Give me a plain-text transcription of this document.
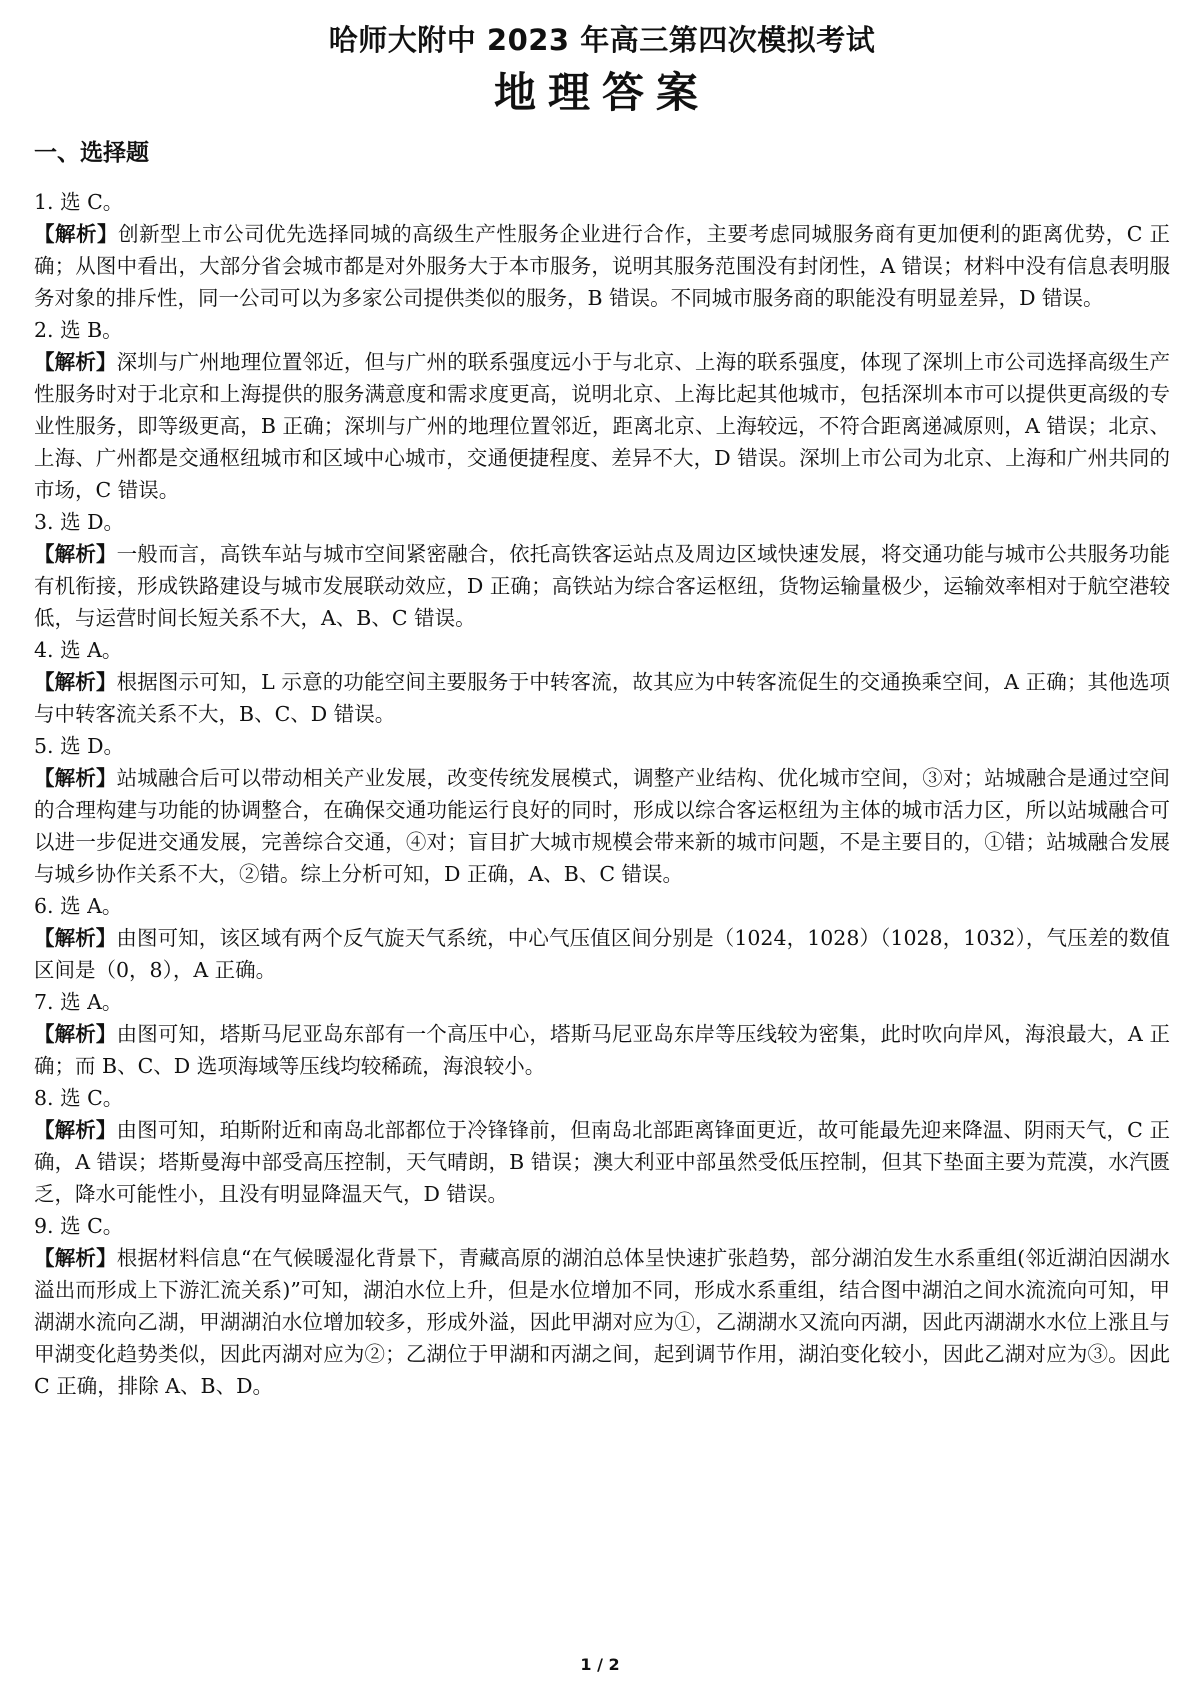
哈师大附中 2023 年高三第四次模拟考试
地理答案
一、选择题

1. 选 C。

【解析】创新型上市公司优先选择同城的高级生产性服务企业进行合作，主要考虑同城服务商有更加便利的距离优势，C 正确；从图中看出，大部分省会城市都是对外服务大于本市服务，说明其服务范围没有封闭性，A 错误；材料中没有信息表明服务对象的排斥性，同一公司可以为多家公司提供类似的服务，B 错误。不同城市服务商的职能没有明显差异，D 错误。

2. 选 B。

【解析】深圳与广州地理位置邻近，但与广州的联系强度远小于与北京、上海的联系强度，体现了深圳上市公司选择高级生产性服务时对于北京和上海提供的服务满意度和需求度更高，说明北京、上海比起其他城市，包括深圳本市可以提供更高级的专业性服务，即等级更高，B 正确；深圳与广州的地理位置邻近，距离北京、上海较远，不符合距离递减原则，A 错误；北京、上海、广州都是交通枢纽城市和区域中心城市，交通便捷程度、差异不大，D 错误。深圳上市公司为北京、上海和广州共同的市场，C 错误。

3. 选 D。

【解析】一般而言，高铁车站与城市空间紧密融合，依托高铁客运站点及周边区域快速发展，将交通功能与城市公共服务功能有机衔接，形成铁路建设与城市发展联动效应，D 正确；高铁站为综合客运枢纽，货物运输量极少，运输效率相对于航空港较低，与运营时间长短关系不大，A、B、C 错误。

4. 选 A。

【解析】根据图示可知，L 示意的功能空间主要服务于中转客流，故其应为中转客流促生的交通换乘空间，A 正确；其他选项与中转客流关系不大，B、C、D 错误。

5. 选 D。

【解析】站城融合后可以带动相关产业发展，改变传统发展模式，调整产业结构、优化城市空间，③对；站城融合是通过空间的合理构建与功能的协调整合，在确保交通功能运行良好的同时，形成以综合客运枢纽为主体的城市活力区，所以站城融合可以进一步促进交通发展，完善综合交通，④对；盲目扩大城市规模会带来新的城市问题，不是主要目的，①错；站城融合发展与城乡协作关系不大，②错。综上分析可知，D 正确，A、B、C 错误。

6. 选 A。

【解析】由图可知，该区域有两个反气旋天气系统，中心气压值区间分别是（1024，1028）（1028，1032），气压差的数值区间是（0，8），A 正确。

7. 选 A。

【解析】由图可知，塔斯马尼亚岛东部有一个高压中心，塔斯马尼亚岛东岸等压线较为密集，此时吹向岸风，海浪最大，A 正确；而 B、C、D 选项海域等压线均较稀疏，海浪较小。

8. 选 C。

【解析】由图可知，珀斯附近和南岛北部都位于冷锋锋前，但南岛北部距离锋面更近，故可能最先迎来降温、阴雨天气，C 正确，A 错误；塔斯曼海中部受高压控制，天气晴朗，B 错误；澳大利亚中部虽然受低压控制，但其下垫面主要为荒漠，水汽匮乏，降水可能性小，且没有明显降温天气，D 错误。

9. 选 C。

【解析】根据材料信息“在气候暖湿化背景下，青藏高原的湖泊总体呈快速扩张趋势，部分湖泊发生水系重组(邻近湖泊因湖水溢出而形成上下游汇流关系)”可知，湖泊水位上升，但是水位增加不同，形成水系重组，结合图中湖泊之间水流流向可知，甲湖湖水流向乙湖，甲湖湖泊水位增加较多，形成外溢，因此甲湖对应为①，乙湖湖水又流向丙湖，因此丙湖湖水水位上涨且与甲湖变化趋势类似，因此丙湖对应为②；乙湖位于甲湖和丙湖之间，起到调节作用，湖泊变化较小，因此乙湖对应为③。因此 C 正确，排除 A、B、D。

1 / 2
